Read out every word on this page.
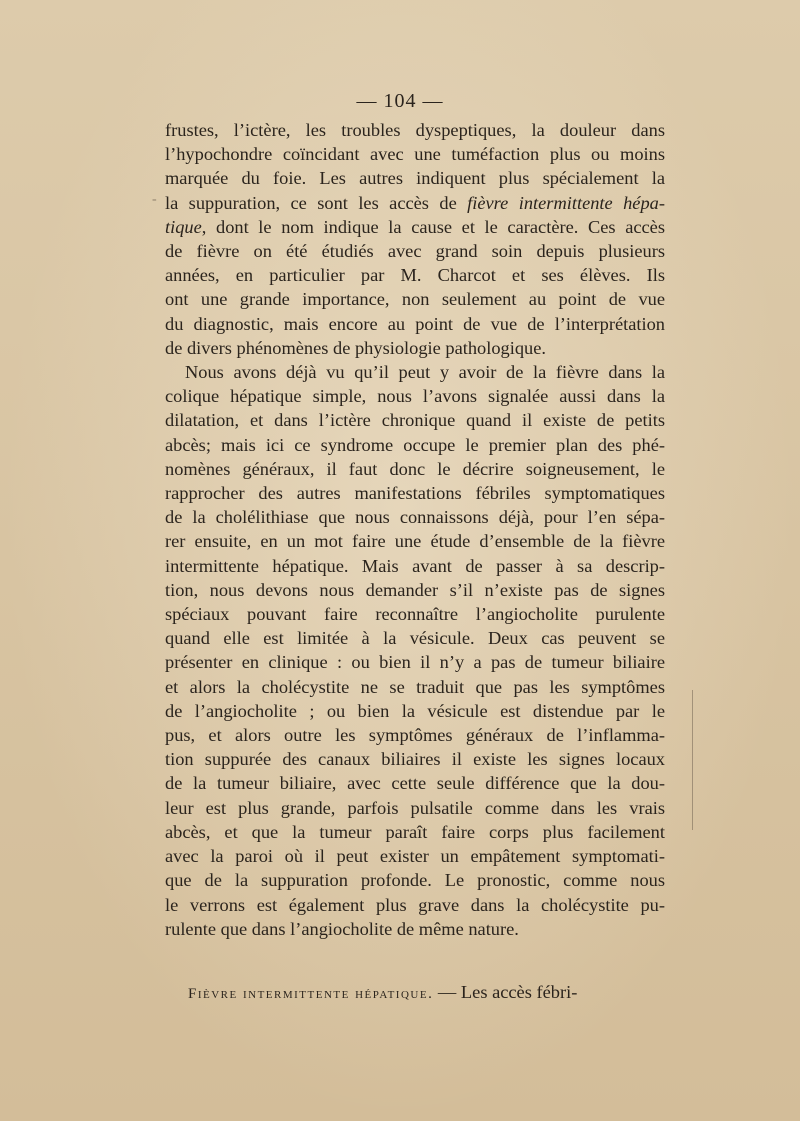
— 104 —
-
frustes, l’ictère, les troubles dyspeptiques, la douleur dans
l’hypochondre coïncidant avec une tuméfaction plus ou moins
marquée du foie. Les autres indiquent plus spécialement la
la suppuration, ce sont les accès de fièvre intermittente hépa-
tique, dont le nom indique la cause et le caractère. Ces accès
de fièvre on été étudiés avec grand soin depuis plusieurs
années, en particulier par M. Charcot et ses élèves. Ils
ont une grande importance, non seulement au point de vue
du diagnostic, mais encore au point de vue de l’interprétation
de divers phénomènes de physiologie pathologique.
Nous avons déjà vu qu’il peut y avoir de la fièvre dans la
colique hépatique simple, nous l’avons signalée aussi dans la
dilatation, et dans l’ictère chronique quand il existe de petits
abcès; mais ici ce syndrome occupe le premier plan des phé-
nomènes généraux, il faut donc le décrire soigneusement, le
rapprocher des autres manifestations fébriles symptomatiques
de la cholélithiase que nous connaissons déjà, pour l’en sépa-
rer ensuite, en un mot faire une étude d’ensemble de la fièvre
intermittente hépatique. Mais avant de passer à sa descrip-
tion, nous devons nous demander s’il n’existe pas de signes
spéciaux pouvant faire reconnaître l’angiocholite purulente
quand elle est limitée à la vésicule. Deux cas peuvent se
présenter en clinique : ou bien il n’y a pas de tumeur biliaire
et alors la cholécystite ne se traduit que pas les symptômes
de l’angiocholite ; ou bien la vésicule est distendue par le
pus, et alors outre les symptômes généraux de l’inflamma-
tion suppurée des canaux biliaires il existe les signes locaux
de la tumeur biliaire, avec cette seule différence que la dou-
leur est plus grande, parfois pulsatile comme dans les vrais
abcès, et que la tumeur paraît faire corps plus facilement
avec la paroi où il peut exister un empâtement symptomati-
que de la suppuration profonde. Le pronostic, comme nous
le verrons est également plus grave dans la cholécystite pu-
rulente que dans l’angiocholite de même nature.
Fièvre intermittente hépatique. — Les accès fébri-
